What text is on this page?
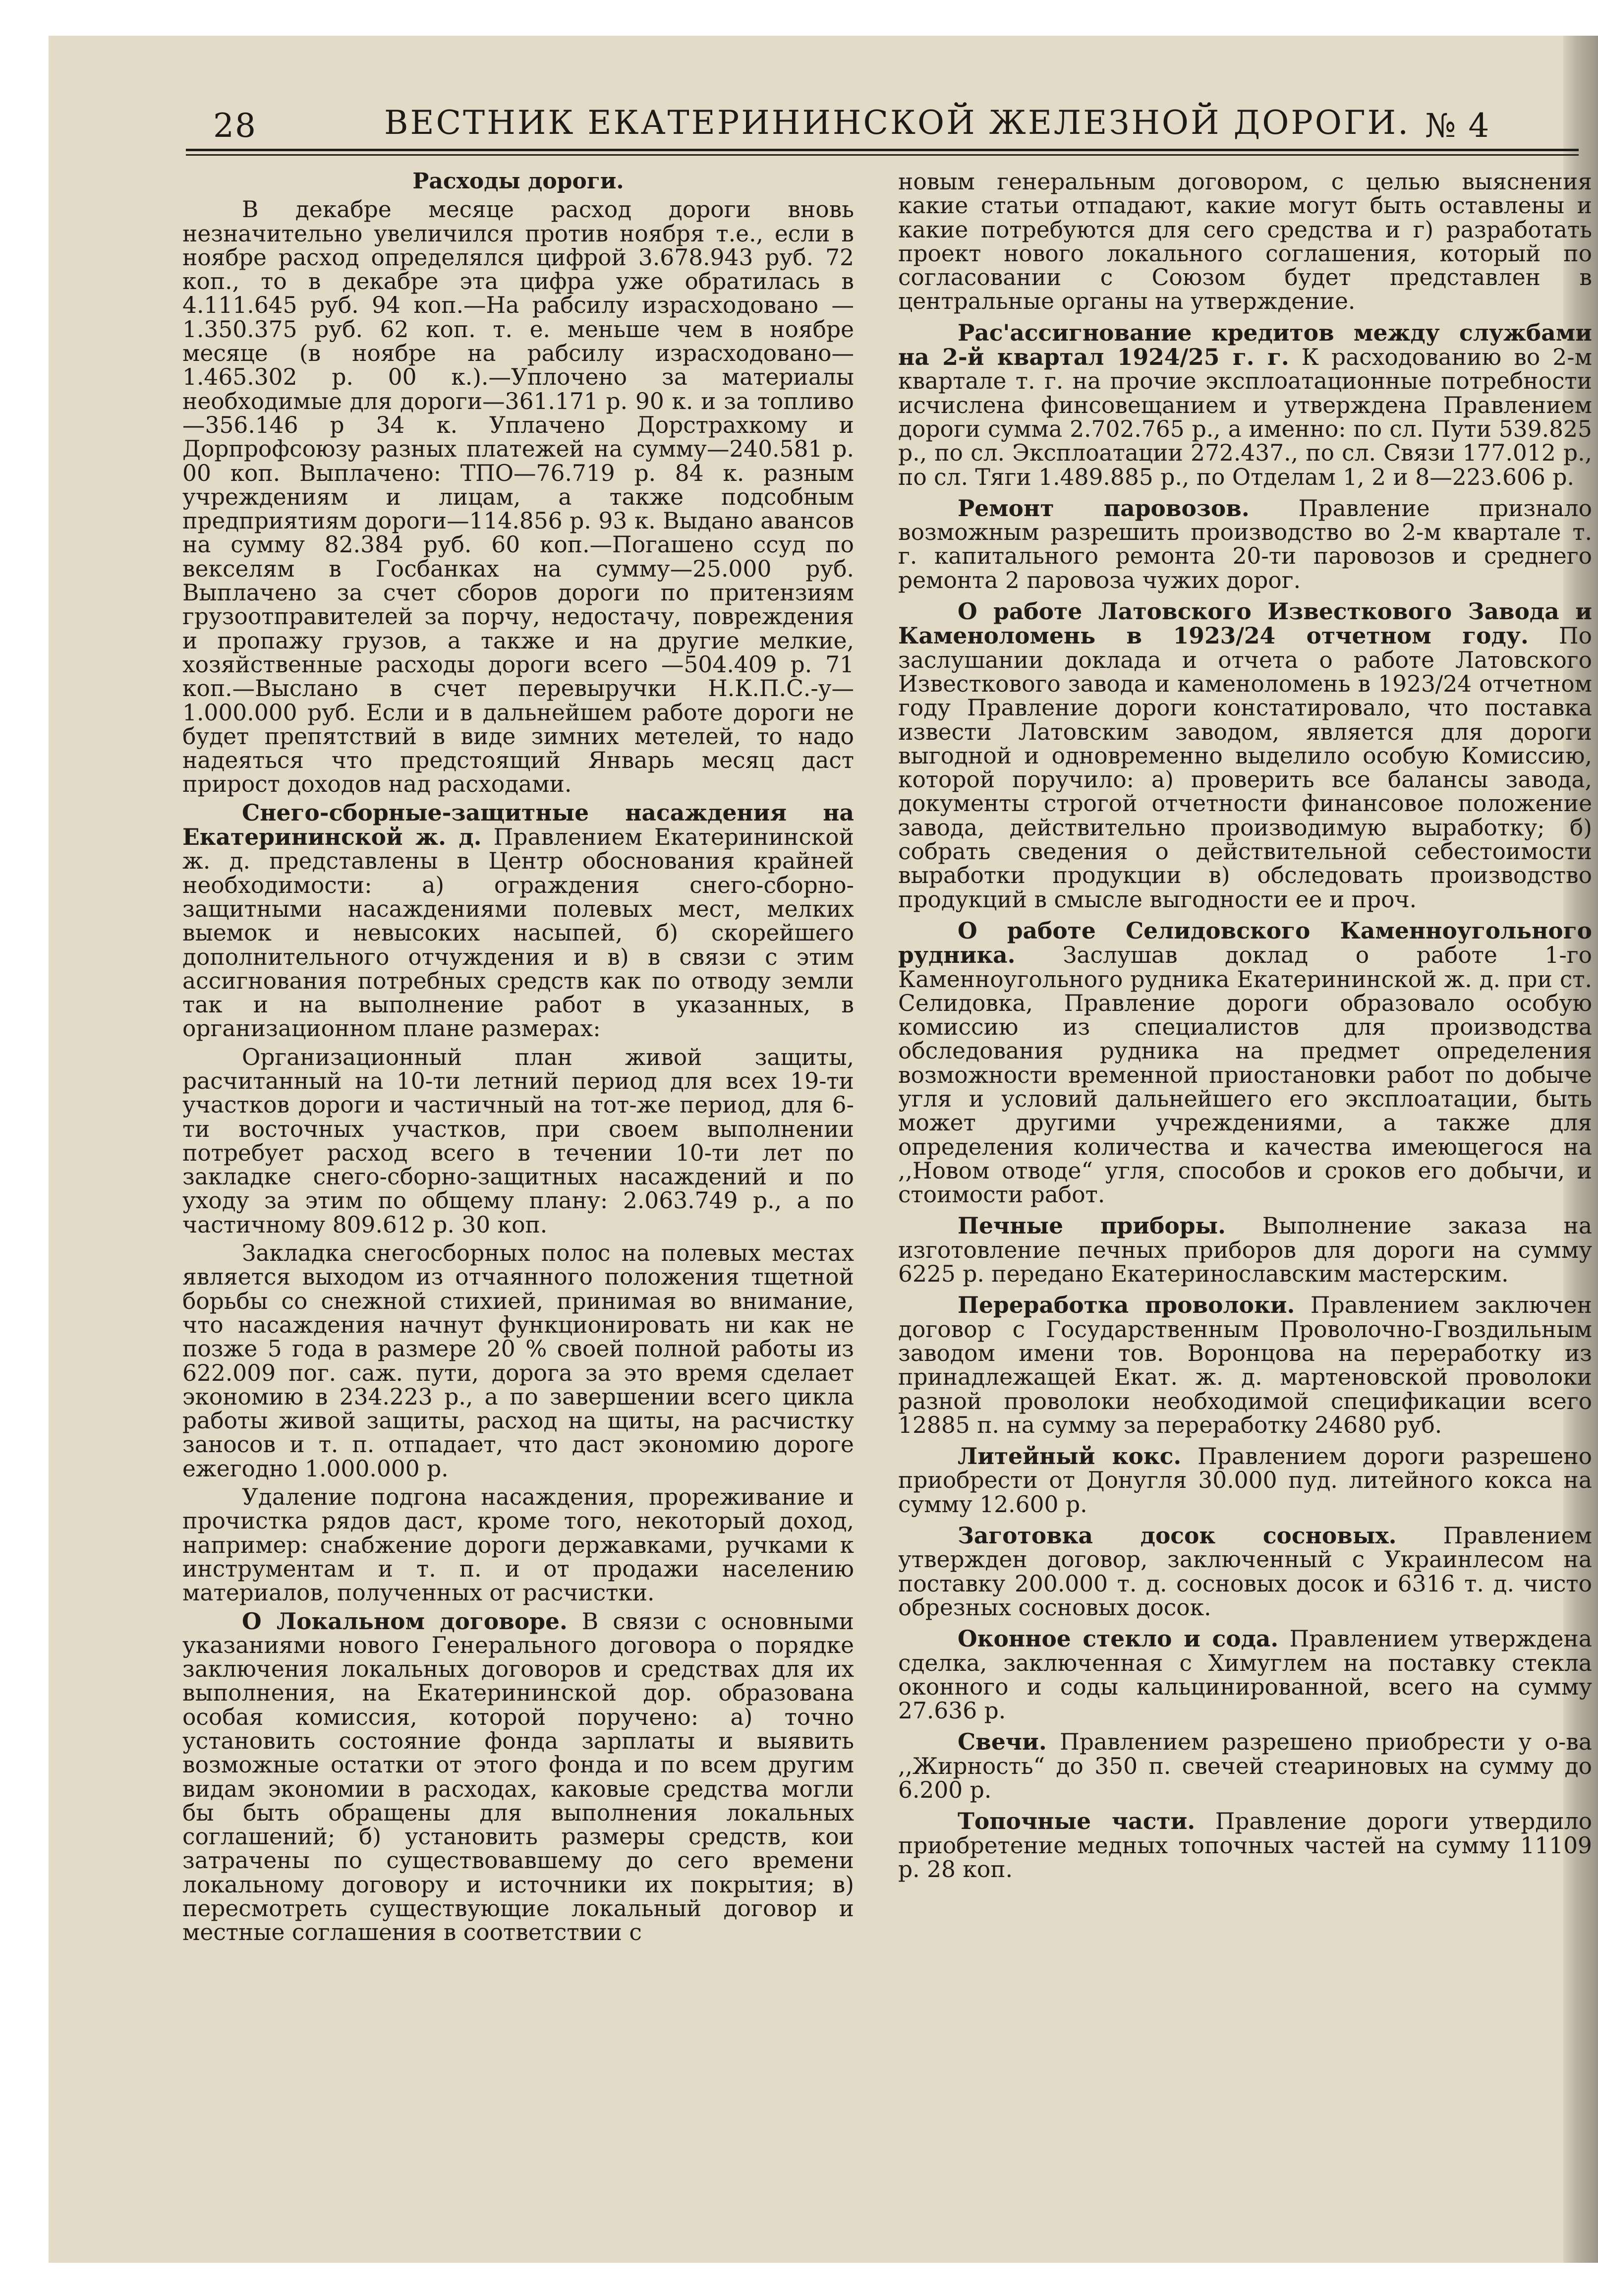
28	ВЕСТНИК ЕКАТЕРИНИНСКОЙ ЖЕЛЕЗНОЙ ДОРОГИ. № 4
Расходы дороги.

В декабре месяце расход дороги вновь незначительно увеличился против ноября т.е., если в ноябре расход определялся цифрой 3.678.943 руб. 72 коп., то в декабре эта цифра уже обратилась в 4.111.645 руб. 94 коп.—На рабсилу израсходовано —1.350.375 руб. 62 коп. т. е. меньше чем в ноябре месяце (в ноябре на рабсилу израсходовано— 1.465.302 р. 00 к.).—Уплочено за материалы необходимые для дороги—361.171 р. 90 к. и за топливо—356.146 р 34 к. Уплачено Дорстрахкому и Дорпрофсоюзу разных платежей на сумму—240.581 р. 00 коп. Выплачено: ТПО—76.719 р. 84 к. разным учреждениям и лицам, а также подсобным предприятиям дороги—114.856 р. 93 к. Выдано авансов на сумму 82.384 руб. 60 коп.—Погашено ссуд по векселям в Госбанках на сумму—25.000 руб. Выплачено за счет сборов дороги по притензиям грузоотправителей за порчу, недостачу, повреждения и пропажу грузов, а также и на другие мелкие, хозяйственные расходы дороги всего —504.409 р. 71 коп.—Выслано в счет перевыручки Н.К.П.С.-у—1.000.000 руб. Если и в дальнейшем работе дороги не будет препятствий в виде зимних метелей, то надо надеяться что предстоящий Январь месяц даст прирост доходов над расходами.

Снего-сборные-защитные насаждения на Екатерининской ж. д. Правлением Екатерининской ж. д. представлены в Центр обоснования крайней необходимости: а) ограждения снего-сборно-защитными насаждениями полевых мест, мелких выемок и невысоких насыпей, б) скорейшего дополнительного отчуждения и в) в связи с этим ассигнования потребных средств как по отводу земли так и на выполнение работ в указанных, в организационном плане размерах:

Организационный план живой защиты, расчитанный на 10-ти летний период для всех 19-ти участков дороги и частичный на тот-же период, для 6-ти восточных участков, при своем выполнении потребует расход всего в течении 10-ти лет по закладке снего-сборно-защитных насаждений и по уходу за этим по общему плану: 2.063.749 р., а по частичному 809.612 р. 30 коп.

Закладка снегосборных полос на полевых местах является выходом из отчаянного положения тщетной борьбы со снежной стихией, принимая во внимание, что насаждения начнут функционировать ни как не позже 5 года в размере 20 % своей полной работы из 622.009 пог. саж. пути, дорога за это время сделает экономию в 234.223 р., а по завершении всего цикла работы живой защиты, расход на щиты, на расчистку заносов и т. п. отпадает, что даст экономию дороге ежегодно 1.000.000 р.

Удаление подгона насаждения, прореживание и прочистка рядов даст, кроме того, некоторый доход, например: снабжение дороги державками, ручками к инструментам и т. п. и от продажи населению материалов, полученных от расчистки.

О Локальном договоре. В связи с основными указаниями нового Генерального договора о порядке заключения локальных договоров и средствах для их выполнения, на Екатерининской дор. образована особая комиссия, которой поручено: а) точно установить состояние фонда зарплаты и выявить возможные остатки от этого фонда и по всем другим видам экономии в расходах, каковые средства могли бы быть обращены для выполнения локальных соглашений; б) установить размеры средств, кои затрачены по существовавшему до сего времени локальному договору и источники их покрытия; в) пересмотреть существующие локальный договор и местные соглашения в соответствии с

новым генеральным договором, с целью выяснения какие статьи отпадают, какие могут быть оставлены и какие потребуются для сего средства и г) разработать проект нового локального соглашения, который по согласовании с Союзом будет представлен в центральные органы на утверждение.

Рас'ассигнование кредитов между службами на 2-й квартал 1924/25 г. г. К расходованию во 2-м квартале т. г. на прочие эксплоатационные потребности исчислена финсовещанием и утверждена Правлением дороги сумма 2.702.765 р., а именно: по сл. Пути 539.825 р., по сл. Эксплоатации 272.437., по сл. Связи 177.012 р., по сл. Тяги 1.489.885 р., по Отделам 1, 2 и 8—223.606 р.

Ремонт паровозов. Правление признало возможным разрешить производство во 2-м квартале т. г. капитального ремонта 20-ти паровозов и среднего ремонта 2 паровоза чужих дорог.

О работе Латовского Известкового Завода и Каменоломень в 1923/24 отчетном году. По заслушании доклада и отчета о работе Латовского Известкового завода и каменоломень в 1923/24 отчетном году Правление дороги констатировало, что поставка извести Латовским заводом, является для дороги выгодной и одновременно выделило особую Комиссию, которой поручило: а) проверить все балансы завода, документы строгой отчетности финансовое положение завода, действительно производимую выработку; б) собрать сведения о действительной себестоимости выработки продукции в) обследовать производство продукций в смысле выгодности ее и проч.

О работе Селидовского Каменноугольного рудника. Заслушав доклад о работе 1-го Каменноугольного рудника Екатерининской ж. д. при ст. Селидовка, Правление дороги образовало особую комиссию из специалистов для производства обследования рудника на предмет определения возможности временной приостановки работ по добыче угля и условий дальнейшего его эксплоатации, быть может другими учреждениями, а также для определения количества и качества имеющегося на ,,Новом отводе“ угля, способов и сроков его добычи, и стоимости работ.

Печные приборы. Выполнение заказа на изготовление печных приборов для дороги на сумму 6225 р. передано Екатеринославским мастерским.

Переработка проволоки. Правлением заключен договор с Государственным Проволочно-Гвоздильным заводом имени тов. Воронцова на переработку из принадлежащей Екат. ж. д. мартеновской проволоки разной проволоки необходимой спецификации всего 12885 п. на сумму за переработку 24680 руб.

Литейный кокс. Правлением дороги разрешено приобрести от Донугля 30.000 пуд. литейного кокса на сумму 12.600 р.

Заготовка досок сосновых. Правлением утвержден договор, заключенный с Украинлесом на поставку 200.000 т. д. сосновых досок и 6316 т. д. чисто обрезных сосновых досок.

Оконное стекло и сода. Правлением утверждена сделка, заключенная с Химуглем на поставку стекла оконного и соды кальцинированной, всего на сумму 27.636 р.

Свечи. Правлением разрешено приобрести у о-ва ,,Жирность“ до 350 п. свечей стеариновых на сумму до 6.200 р.

Топочные части. Правление дороги утвердило приобретение медных топочных частей на сумму 11109 р. 28 коп.
